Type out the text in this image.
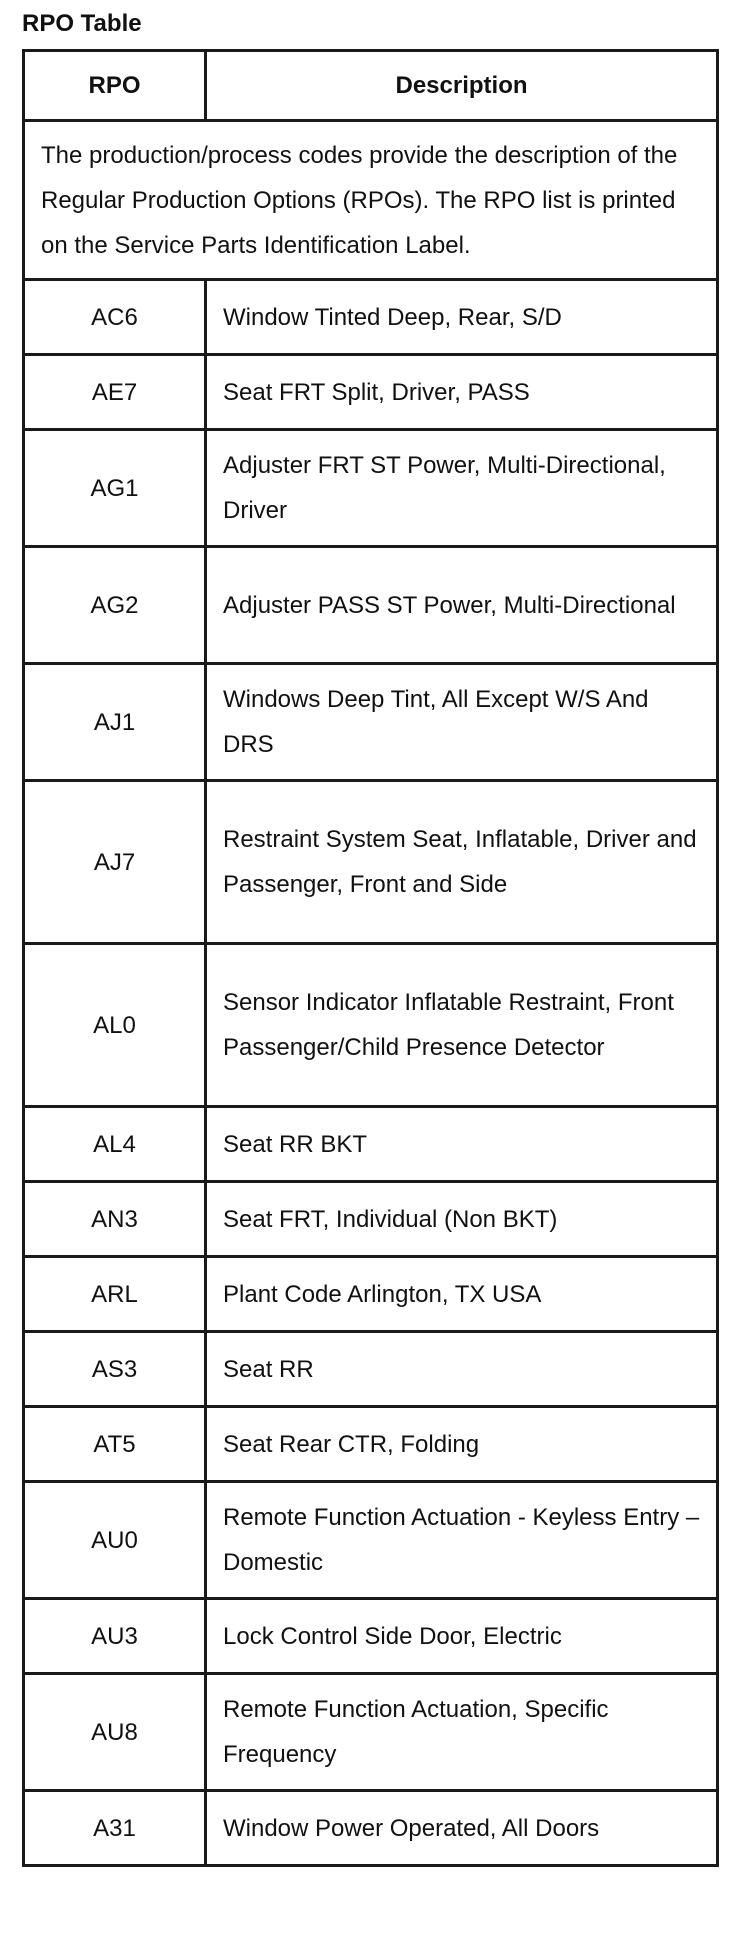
RPO Table
RPO	Description
The production/process codes provide the description of the Regular Production Options (RPOs). The RPO list is printed on the Service Parts Identification Label.	
AC6	Window Tinted Deep, Rear, S/D
AE7	Seat FRT Split, Driver, PASS
AG1	Adjuster FRT ST Power, Multi-Directional, Driver
AG2	Adjuster PASS ST Power, Multi-Directional
AJ1	Windows Deep Tint, All Except W/S And DRS
AJ7	Restraint System Seat, Inflatable, Driver and Passenger, Front and Side
AL0	Sensor Indicator Inflatable Restraint, Front Passenger/Child Presence Detector
AL4	Seat RR BKT
AN3	Seat FRT, Individual (Non BKT)
ARL	Plant Code Arlington, TX USA
AS3	Seat RR
AT5	Seat Rear CTR, Folding
AU0	Remote Function Actuation - Keyless Entry – Domestic
AU3	Lock Control Side Door, Electric
AU8	Remote Function Actuation, Specific Frequency
A31	Window Power Operated, All Doors
